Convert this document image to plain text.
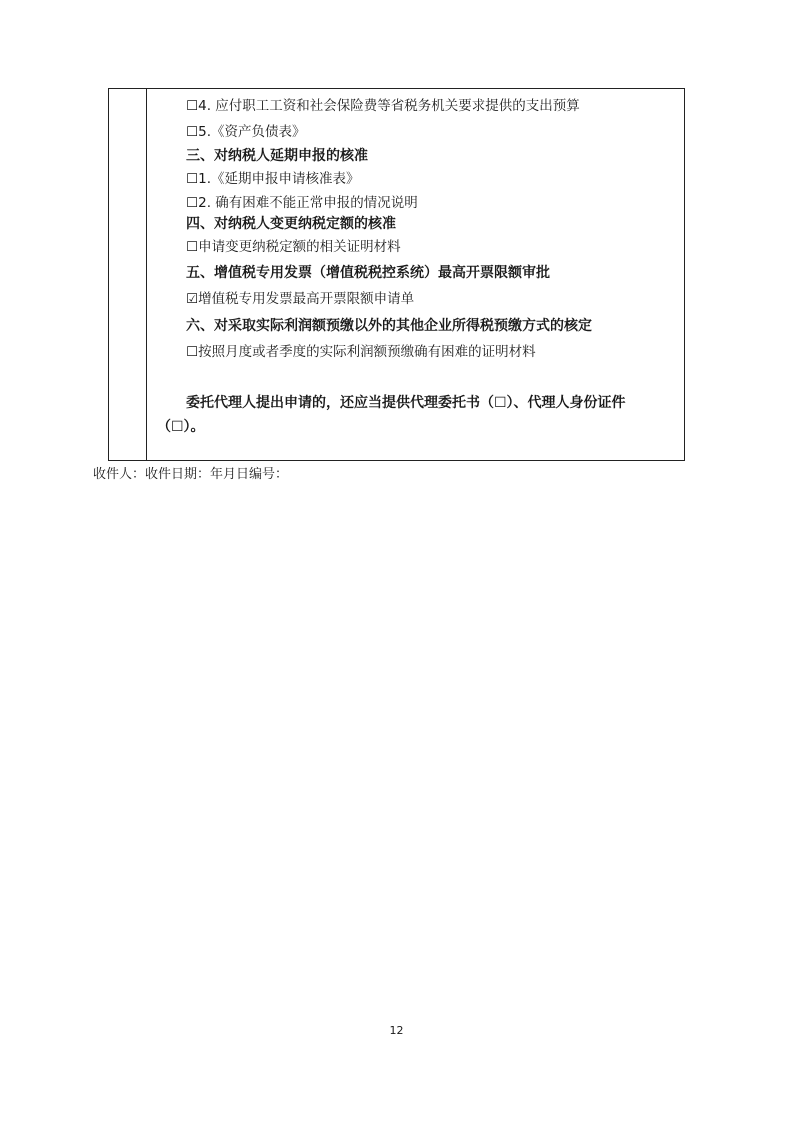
☐4. 应付职工工资和社会保险费等省税务机关要求提供的支出预算
☐5.《资产负债表》
三、对纳税人延期申报的核准
☐1.《延期申报申请核准表》
☐2. 确有困难不能正常申报的情况说明
四、对纳税人变更纳税定额的核准
☐申请变更纳税定额的相关证明材料
五、增值税专用发票（增值税税控系统）最高开票限额审批
☑增值税专用发票最高开票限额申请单
六、对采取实际利润额预缴以外的其他企业所得税预缴方式的核定
☐按照月度或者季度的实际利润额预缴确有困难的证明材料
委托代理人提出申请的，还应当提供代理委托书（☐）、代理人身份证件
（☐）。
收件人：收件日期：年月日编号：
12
